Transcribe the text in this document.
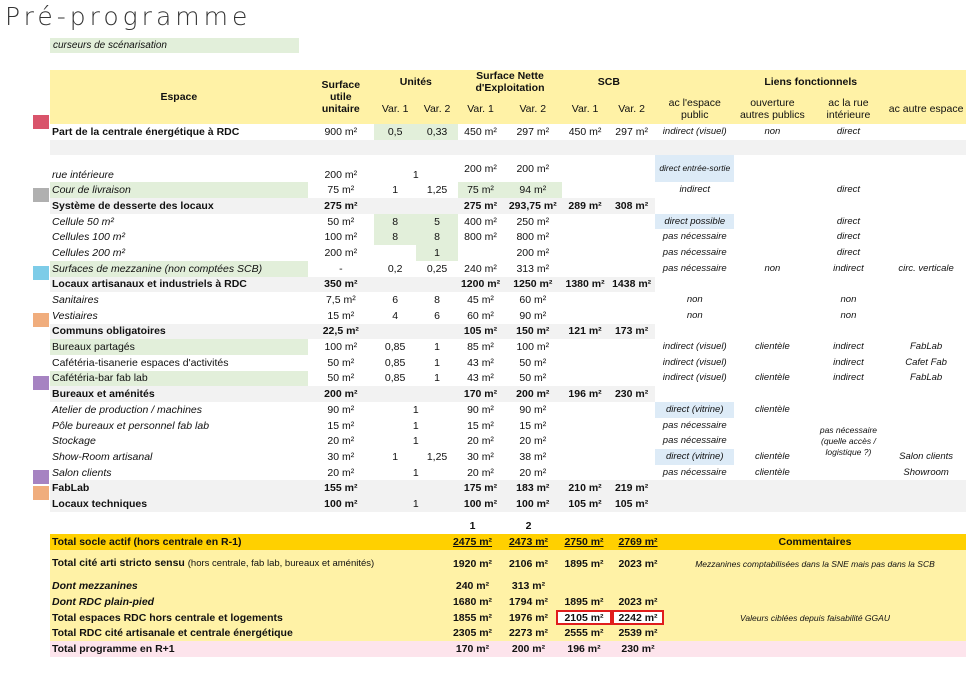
Pré-programme
curseurs de scénarisation
Espace	Surface utile unitaire	Unités		Surface Nette d'Exploitation		SCB		Liens fonctionnels			
		Var. 1	Var. 2	Var. 1	Var. 2	Var. 1	Var. 2	ac l'espace public	ouverture autres publics	ac la rue intérieure	ac autre espace
Part de la centrale énergétique à RDC	900 m²	0,5	0,33	450 m²	297 m²	450 m²	297 m²	indirect (visuel)	non	direct	

rue intérieure	200 m²	1		200 m²	200 m²			direct entrée-sortie			
Cour de livraison	75 m²	1	1,25	75 m²	94 m²			indirect		direct	
Système de desserte des locaux	275 m²			275 m²	293,75 m²	289 m²	308 m²				
Cellule 50 m²	50 m²	8	5	400 m²	250 m²			direct possible		direct	
Cellules 100 m²	100 m²	8	8	800 m²	800 m²			pas nécessaire		direct	
Cellules 200 m²	200 m²		1		200 m²			pas nécessaire		direct	
Surfaces de mezzanine (non comptées SCB)	-	0,2	0,25	240 m²	313 m²			pas nécessaire	non	indirect	circ. verticale
Locaux artisanaux et industriels à RDC	350 m²			1200 m²	1250 m²	1380 m²	1438 m²				
Sanitaires	7,5 m²	6	8	45 m²	60 m²			non		non	
Vestiaires	15 m²	4	6	60 m²	90 m²			non		non	
Communs obligatoires	22,5 m²			105 m²	150 m²	121 m²	173 m²				
Bureaux partagés	100 m²	0,85	1	85 m²	100 m²			indirect (visuel)	clientèle	indirect	FabLab
Cafétéria-tisanerie espaces d'activités	50 m²	0,85	1	43 m²	50 m²			indirect (visuel)		indirect	Cafet Fab
Cafétéria-bar fab lab	50 m²	0,85	1	43 m²	50 m²			indirect (visuel)	clientèle	indirect	FabLab
Bureaux et aménités	200 m²			170 m²	200 m²	196 m²	230 m²				
Atelier de production / machines	90 m²	1		90 m²	90 m²			direct (vitrine)	clientèle		
Pôle bureaux et personnel fab lab	15 m²	1		15 m²	15 m²			pas nécessaire		pas nécessaire (quelle accès / logistique ?)	
Stockage	20 m²	1		20 m²	20 m²			pas nécessaire			
Show-Room artisanal	30 m²	1	1,25	30 m²	38 m²			direct (vitrine)	clientèle		Salon clients
Salon clients	20 m²	1		20 m²	20 m²			pas nécessaire	clientèle		Showroom
FabLab	155 m²			175 m²	183 m²	210 m²	219 m²				
Locaux techniques	100 m²	1		100 m²	100 m²	105 m²	105 m²				
	1	2			
Total socle actif (hors centrale en R-1)	2475 m²	2473 m²	2750 m²	2769 m²	Commentaires
Total cité arti stricto sensu (hors centrale, fab lab, bureaux et aménités)	1920 m²	2106 m²	1895 m²	2023 m²	Mezzanines comptabilisées dans la SNE mais pas dans la SCB
Dont mezzanines	240 m²	313 m²			
Dont RDC plain-pied	1680 m²	1794 m²	1895 m²	2023 m²	
Total espaces RDC hors centrale et logements	1855 m²	1976 m²	2105 m²	2242 m²	Valeurs ciblées depuis faisabilité GGAU
Total RDC cité artisanale et centrale énergétique	2305 m²	2273 m²	2555 m²	2539 m²	
Total programme en R+1	170 m²	200 m²	196 m²	230 m²	
